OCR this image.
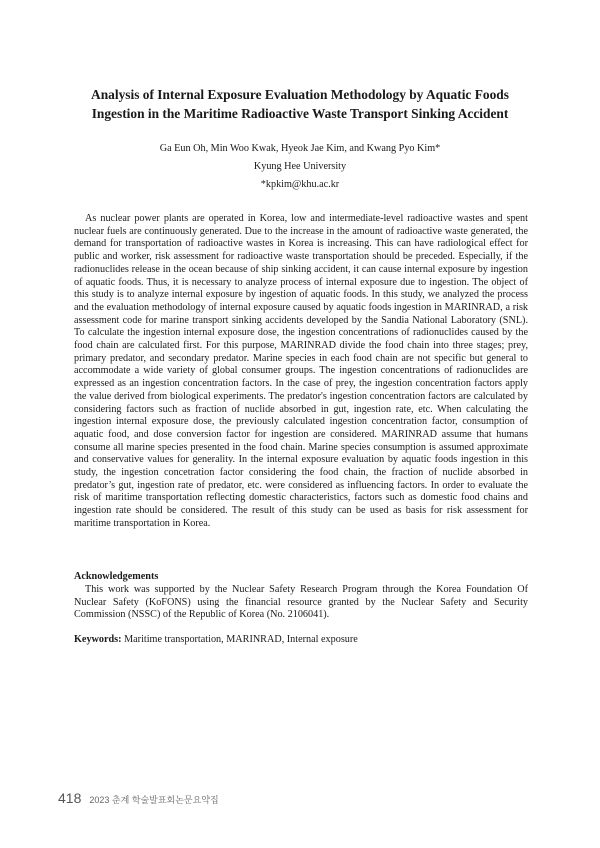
Analysis of Internal Exposure Evaluation Methodology by Aquatic Foods
Ingestion in the Maritime Radioactive Waste Transport Sinking Accident
Ga Eun Oh, Min Woo Kwak, Hyeok Jae Kim, and Kwang Pyo Kim*
Kyung Hee University
*kpkim@khu.ac.kr

As nuclear power plants are operated in Korea, low and intermediate-level radioactive wastes and spent nuclear fuels are continuously generated. Due to the increase in the amount of radioactive waste generated, the demand for transportation of radioactive wastes in Korea is increasing. This can have radiological effect for public and worker, risk assessment for radioactive waste transportation should be preceded. Especially, if the radionuclides release in the ocean because of ship sinking accident, it can cause internal exposure by ingestion of aquatic foods. Thus, it is necessary to analyze process of internal exposure due to ingestion. The object of this study is to analyze internal exposure by ingestion of aquatic foods. In this study, we analyzed the process and the evaluation methodology of internal exposure caused by aquatic foods ingestion in MARINRAD, a risk assessment code for marine transport sinking accidents developed by the Sandia National Laboratory (SNL). To calculate the ingestion internal exposure dose, the ingestion concentrations of radionuclides caused by the food chain are calculated first. For this purpose, MARINRAD divide the food chain into three stages; prey, primary predator, and secondary predator. Marine species in each food chain are not specific but general to accommodate a wide variety of global consumer groups. The ingestion concentrations of radionuclides are expressed as an ingestion concentration factors. In the case of prey, the ingestion concentration factors apply the value derived from biological experiments. The predator's ingestion concentration factors are calculated by considering factors such as fraction of nuclide absorbed in gut, ingestion rate, etc. When calculating the ingestion internal exposure dose, the previously calculated ingestion concentration factor, consumption of aquatic food, and dose conversion factor for ingestion are considered. MARINRAD assume that humans consume all marine species presented in the food chain. Marine species consumption is assumed approximate and conservative values for generality. In the internal exposure evaluation by aquatic foods ingestion in this study, the ingestion concetration factor considering the food chain, the fraction of nuclide absorbed in predator’s gut, ingestion rate of predator, etc. were considered as influencing factors. In order to evaluate the risk of maritime transportation reflecting domestic characteristics, factors such as domestic food chains and ingestion rate should be considered. The result of this study can be used as basis for risk assessment for maritime transportation in Korea.

Acknowledgements

This work was supported by the Nuclear Safety Research Program through the Korea Foundation Of Nuclear Safety (KoFONS) using the financial resource granted by the Nuclear Safety and Security Commission (NSSC) of the Republic of Korea (No. 2106041).

Keywords: Maritime transportation, MARINRAD, Internal exposure

418 2023 춘계 학술발표회논문요약집
